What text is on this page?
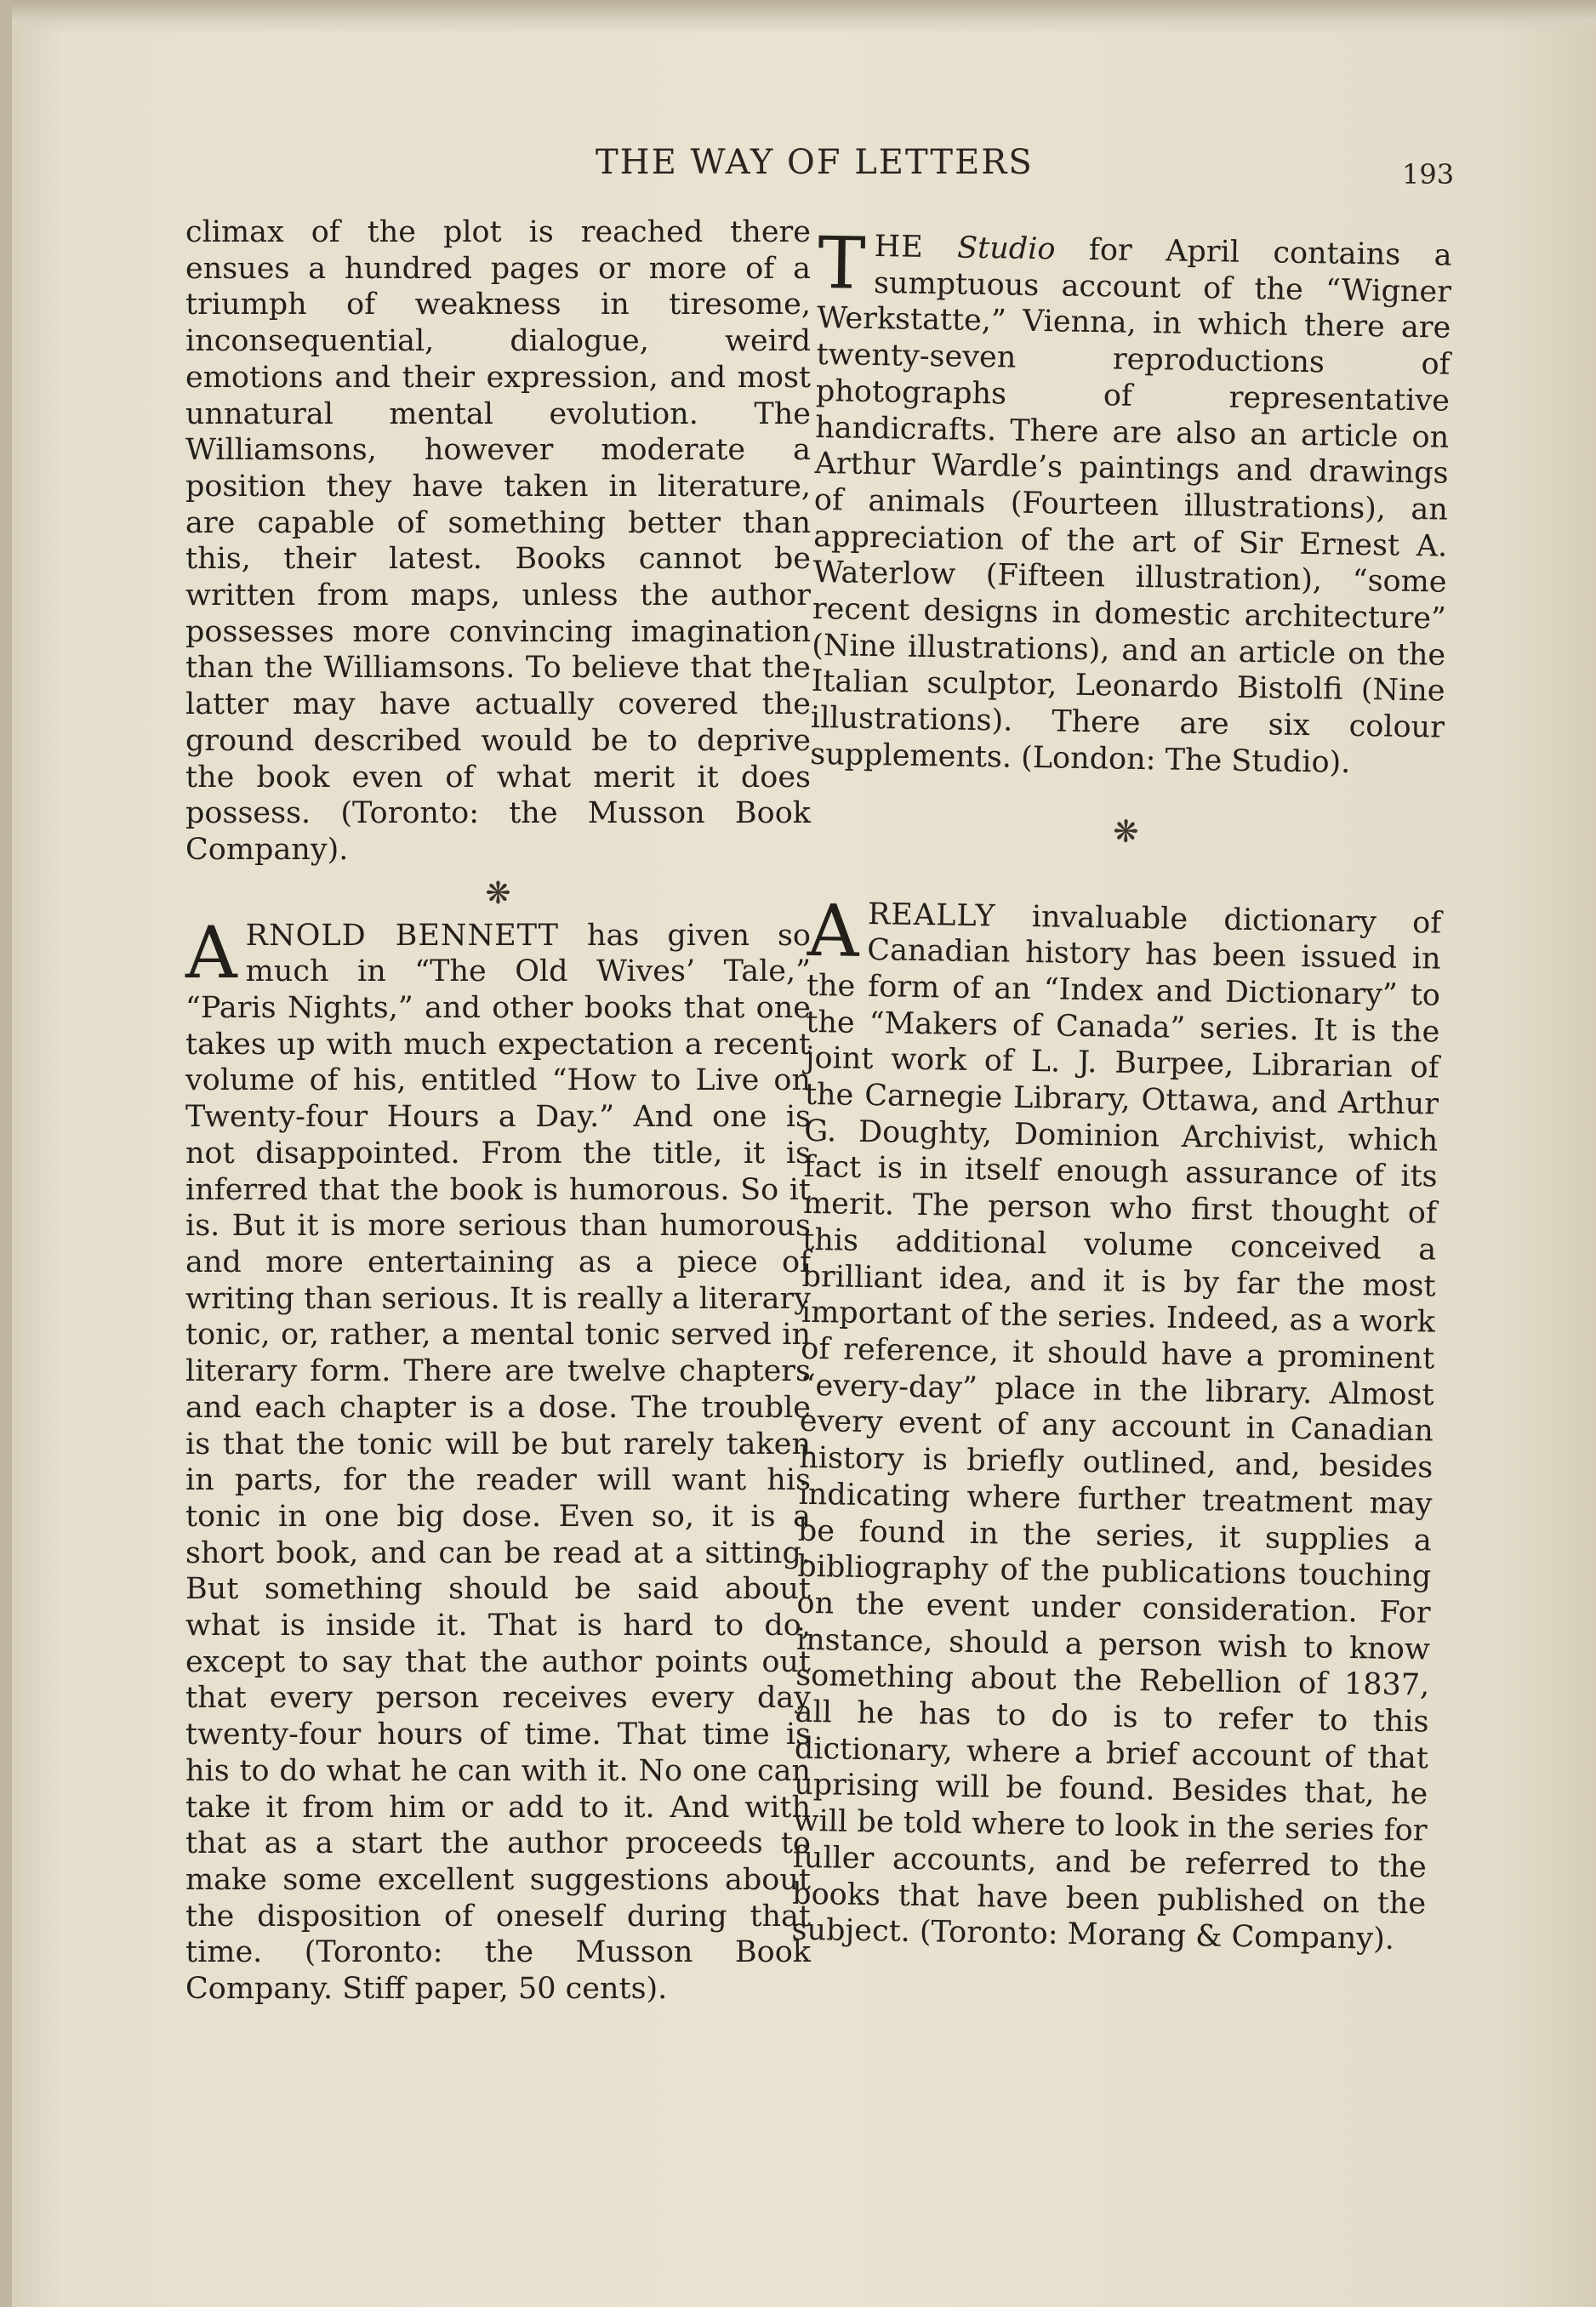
THE WAY OF LETTERS	193

climax of the plot is reached there ensues a hundred pages or more of a triumph of weakness in tiresome, inconsequential, dialogue, weird emotions and their expression, and most unnatural mental evolution. The Williamsons, however moderate a position they have taken in literature, are capable of something better than this, their latest. Books cannot be written from maps, unless the author possesses more convincing imagination than the Williamsons. To believe that the latter may have actually covered the ground described would be to deprive the book even of what merit it does possess. (Toronto: the Musson Book Company).

❋

ARNOLD BENNETT has given so much in “The Old Wives’ Tale,” “Paris Nights,” and other books that one takes up with much expectation a recent volume of his, entitled “How to Live on Twenty-four Hours a Day.” And one is not disappointed. From the title, it is inferred that the book is humorous. So it is. But it is more serious than humorous and more entertaining as a piece of writing than serious. It is really a literary tonic, or, rather, a mental tonic served in literary form. There are twelve chapters and each chapter is a dose. The trouble is that the tonic will be but rarely taken in parts, for the reader will want his tonic in one big dose. Even so, it is a short book, and can be read at a sitting. But something should be said about what is inside it. That is hard to do, except to say that the author points out that every person receives every day twenty-four hours of time. That time is his to do what he can with it. No one can take it from him or add to it. And with that as a start the author proceeds to make some excellent suggestions about the disposition of oneself during that time. (Toronto: the Musson Book Company. Stiff paper, 50 cents).

THE Studio for April contains a sumptuous account of the “Wigner Werkstatte,” Vienna, in which there are twenty-seven reproductions of photographs of representative handicrafts. There are also an article on Arthur Wardle’s paintings and drawings of animals (Fourteen illustrations), an appreciation of the art of Sir Ernest A. Waterlow (Fifteen illustration), “some recent designs in domestic architecture” (Nine illustrations), and an article on the Italian sculptor, Leonardo Bistolfi (Nine illustrations). There are six colour supplements. (London: The Studio).

❋

AREALLY invaluable dictionary of Canadian history has been issued in the form of an “Index and Dictionary” to the “Makers of Canada” series. It is the joint work of L. J. Burpee, Librarian of the Carnegie Library, Ottawa, and Arthur G. Doughty, Dominion Archivist, which fact is in itself enough assurance of its merit. The person who first thought of this additional volume conceived a brilliant idea, and it is by far the most important of the series. Indeed, as a work of reference, it should have a prominent “every-day” place in the library. Almost every event of any account in Canadian history is briefly outlined, and, besides indicating where further treatment may be found in the series, it supplies a bibliography of the publications touching on the event under consideration. For instance, should a person wish to know something about the Rebellion of 1837, all he has to do is to refer to this dictionary, where a brief account of that uprising will be found. Besides that, he will be told where to look in the series for fuller accounts, and be referred to the books that have been published on the subject. (Toronto: Morang & Company).
